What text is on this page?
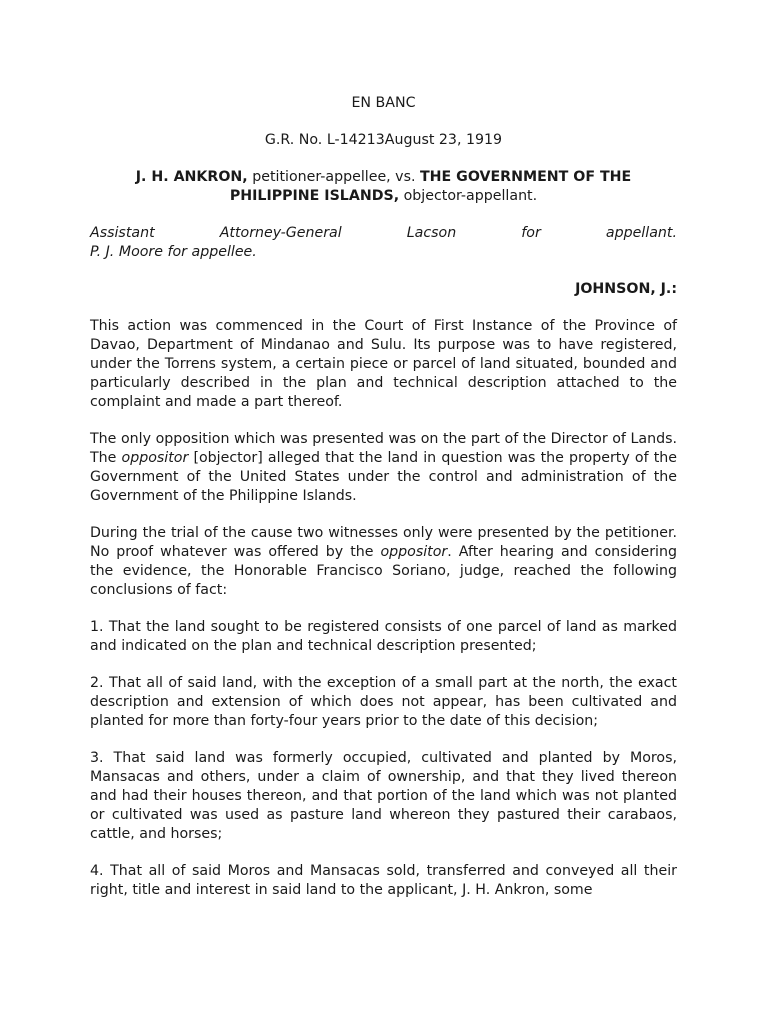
EN BANC
G.R. No. L-14213August 23, 1919
J. H. ANKRON, petitioner-appellee, vs. THE GOVERNMENT OF THE
PHILIPPINE ISLANDS, objector-appellant.
Assistant	Attorney-General	Lacson	for	appellant.
P. J. Moore for appellee.
JOHNSON, J.:

This action was commenced in the Court of First Instance of the Province of Davao, Department of Mindanao and Sulu. Its purpose was to have registered, under the Torrens system, a certain piece or parcel of land situated, bounded and particularly described in the plan and technical description attached to the complaint and made a part thereof.

The only opposition which was presented was on the part of the Director of Lands. The oppositor [objector] alleged that the land in question was the property of the Government of the United States under the control and administration of the Government of the Philippine Islands.

During the trial of the cause two witnesses only were presented by the petitioner. No proof whatever was offered by the oppositor. After hearing and considering the evidence, the Honorable Francisco Soriano, judge, reached the following conclusions of fact:

1. That the land sought to be registered consists of one parcel of land as marked and indicated on the plan and technical description presented;

2. That all of said land, with the exception of a small part at the north, the exact description and extension of which does not appear, has been cultivated and planted for more than forty-four years prior to the date of this decision;

3. That said land was formerly occupied, cultivated and planted by Moros, Mansacas and others, under a claim of ownership, and that they lived thereon and had their houses thereon, and that portion of the land which was not planted or cultivated was used as pasture land whereon they pastured their carabaos, cattle, and horses;

4. That all of said Moros and Mansacas sold, transferred and conveyed all their right, title and interest in said land to the applicant, J. H. Ankron, some
